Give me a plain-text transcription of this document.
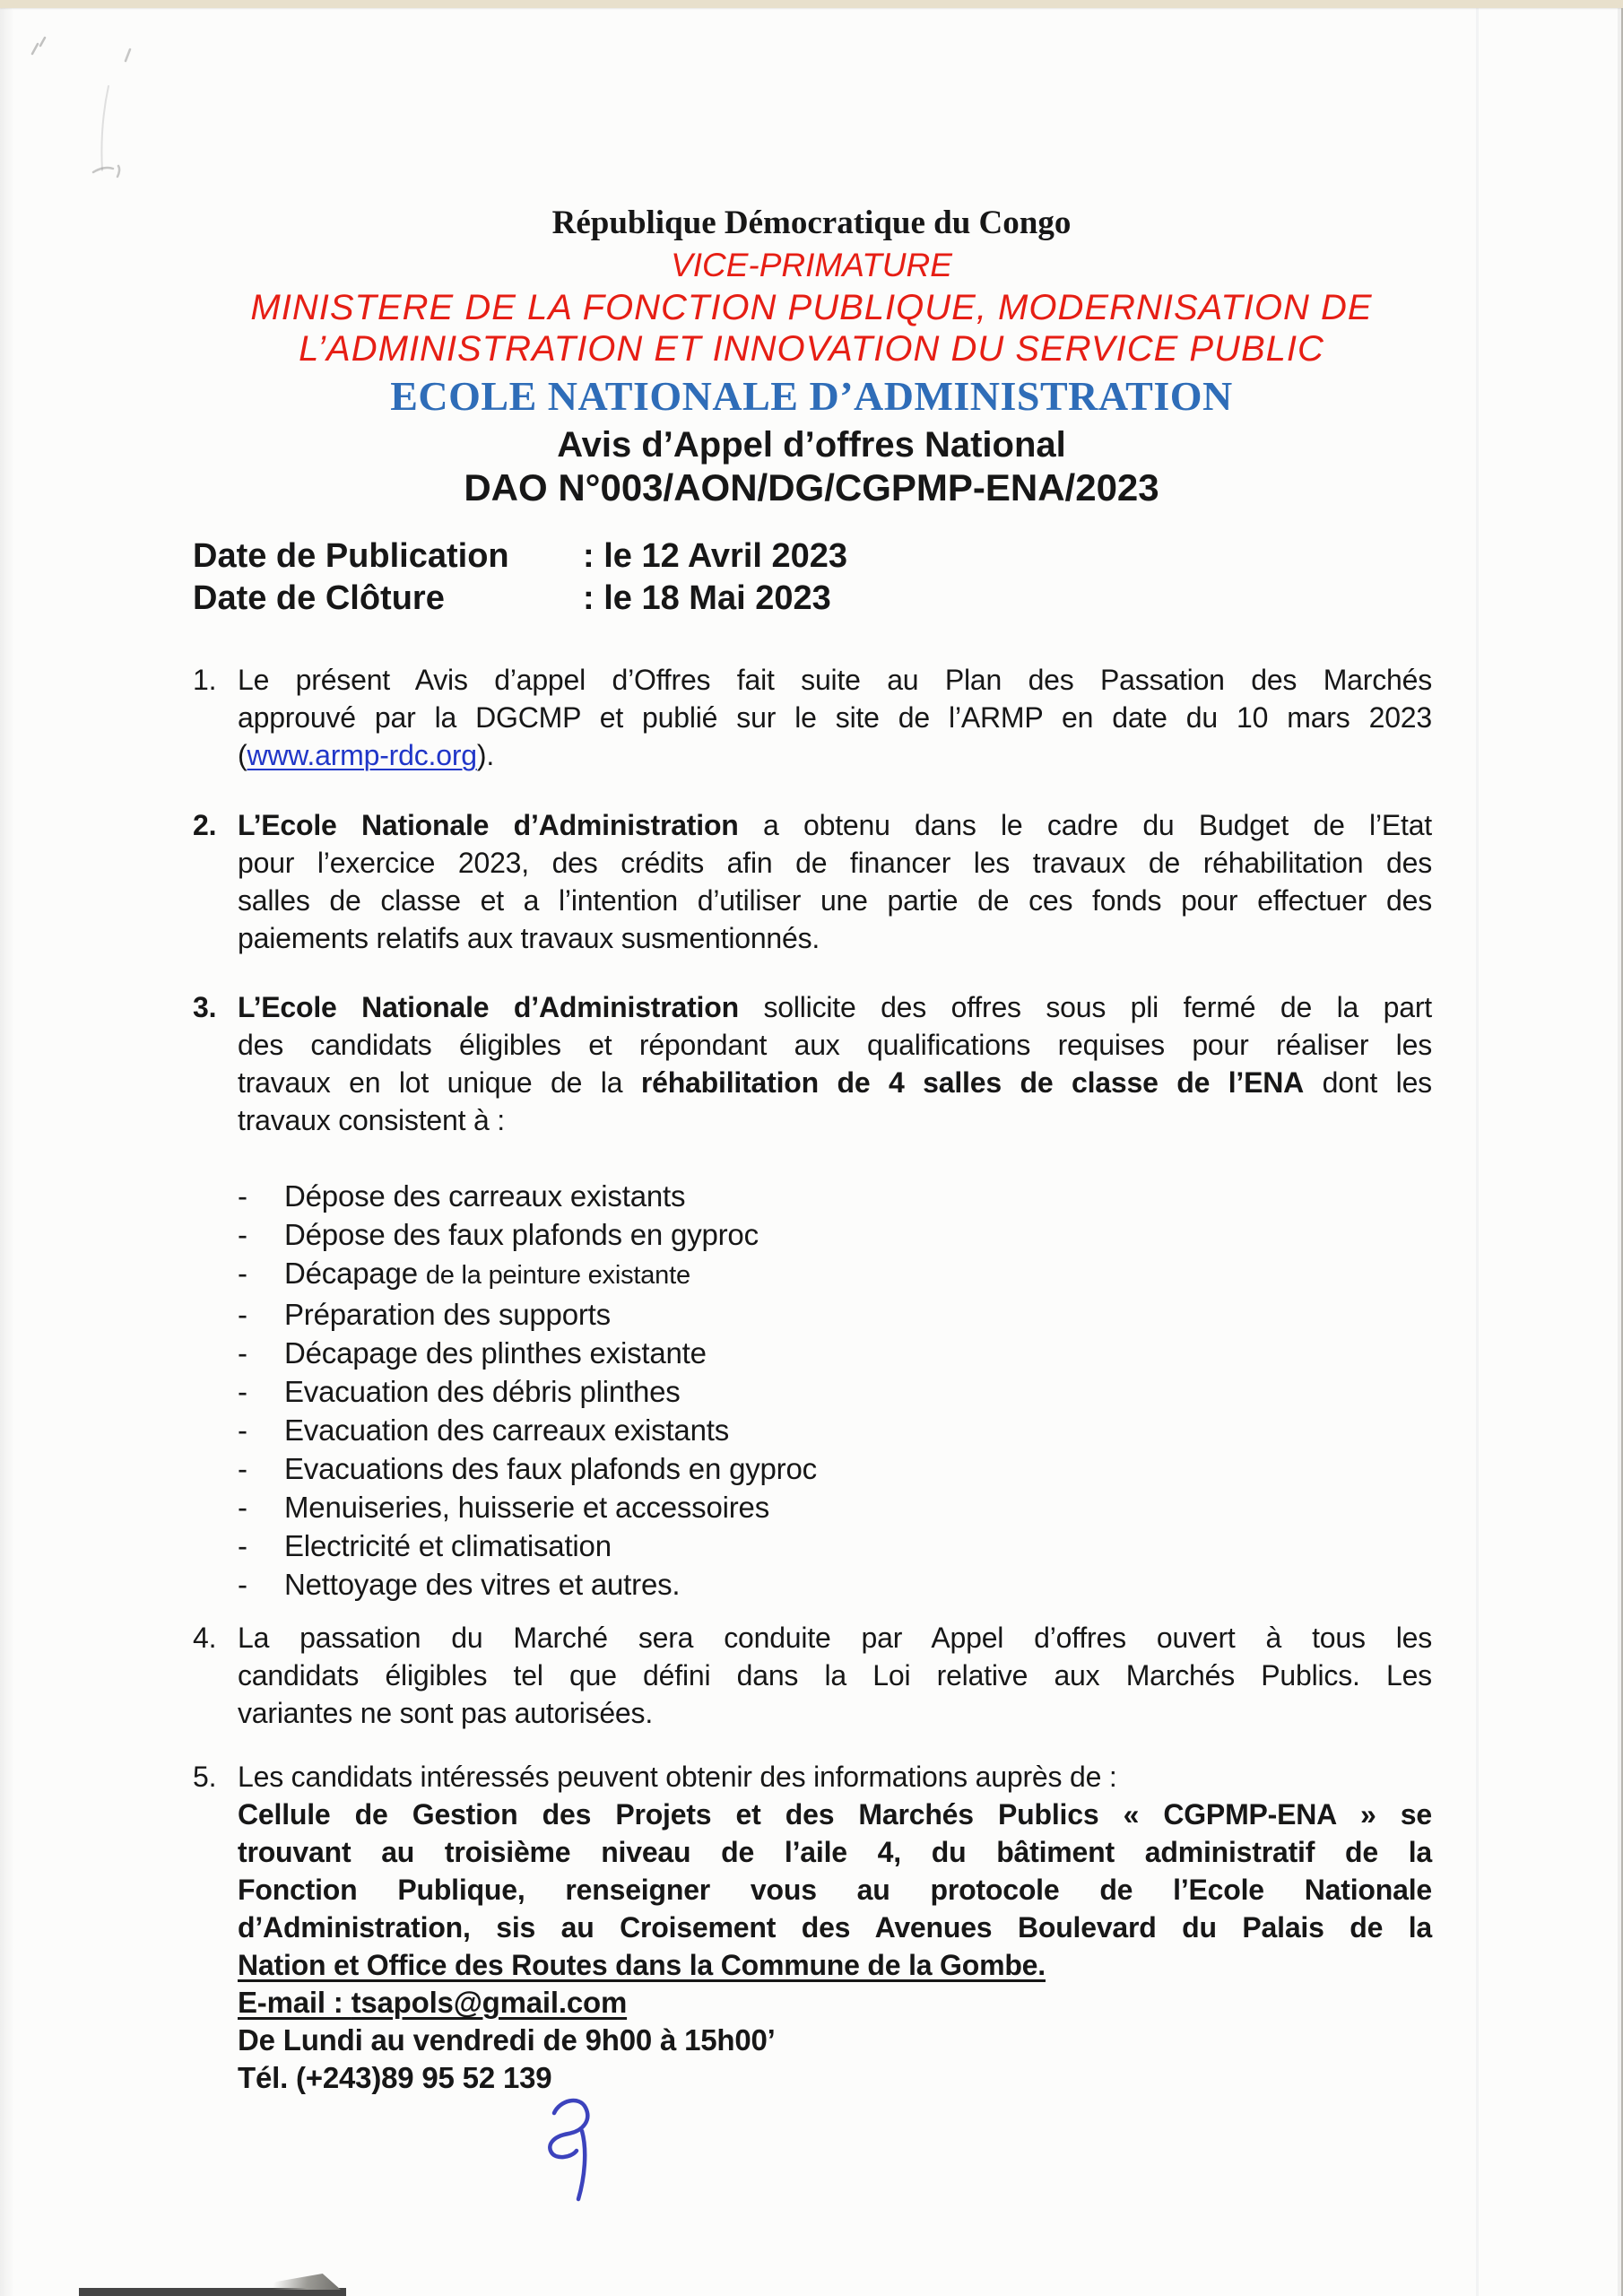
République Démocratique du Congo
VICE-PRIMATURE
MINISTERE DE LA FONCTION PUBLIQUE, MODERNISATION DE
L’ADMINISTRATION ET INNOVATION DU SERVICE PUBLIC
ECOLE NATIONALE D’ADMINISTRATION
Avis d’Appel d’offres National
DAO N°003/AON/DG/CGPMP-ENA/2023
Date de Publication	: le 12 Avril 2023
Date de Clôture	: le 18 Mai 2023
1. Le présent Avis d’appel d’Offres fait suite au Plan des Passation des Marchés
approuvé par la DGCMP et publié sur le site de l’ARMP en date du 10 mars 2023
(www.armp-rdc.org).
2. L’Ecole Nationale d’Administration a obtenu dans le cadre du Budget de l’Etat
pour l’exercice 2023, des crédits afin de financer les travaux de réhabilitation des
salles de classe et a l’intention d’utiliser une partie de ces fonds pour effectuer des
paiements relatifs aux travaux susmentionnés.
3. L’Ecole Nationale d’Administration sollicite des offres sous pli fermé de la part
des candidats éligibles et répondant aux qualifications requises pour réaliser les
travaux en lot unique de la réhabilitation de 4 salles de classe de l’ENA dont les
travaux consistent à :
-	Dépose des carreaux existants
-	Dépose des faux plafonds en gyproc
-	Décapage de la peinture existante
-	Préparation des supports
-	Décapage des plinthes existante
-	Evacuation des débris plinthes
-	Evacuation des carreaux existants
-	Evacuations des faux plafonds en gyproc
-	Menuiseries, huisserie et accessoires
-	Electricité et climatisation
-	Nettoyage des vitres et autres.
4. La passation du Marché sera conduite par Appel d’offres ouvert à tous les
candidats éligibles tel que défini dans la Loi relative aux Marchés Publics. Les
variantes ne sont pas autorisées.
5. Les candidats intéressés peuvent obtenir des informations auprès de :
Cellule de Gestion des Projets et des Marchés Publics « CGPMP-ENA » se
trouvant au troisième niveau de l’aile 4, du bâtiment administratif de la
Fonction Publique, renseigner vous au protocole de l’Ecole Nationale
d’Administration, sis au Croisement des Avenues Boulevard du Palais de la
Nation et Office des Routes dans la Commune de la Gombe.
E-mail : tsapols@gmail.com
De Lundi au vendredi de 9h00 à 15h00’
Tél. (+243)89 95 52 139
